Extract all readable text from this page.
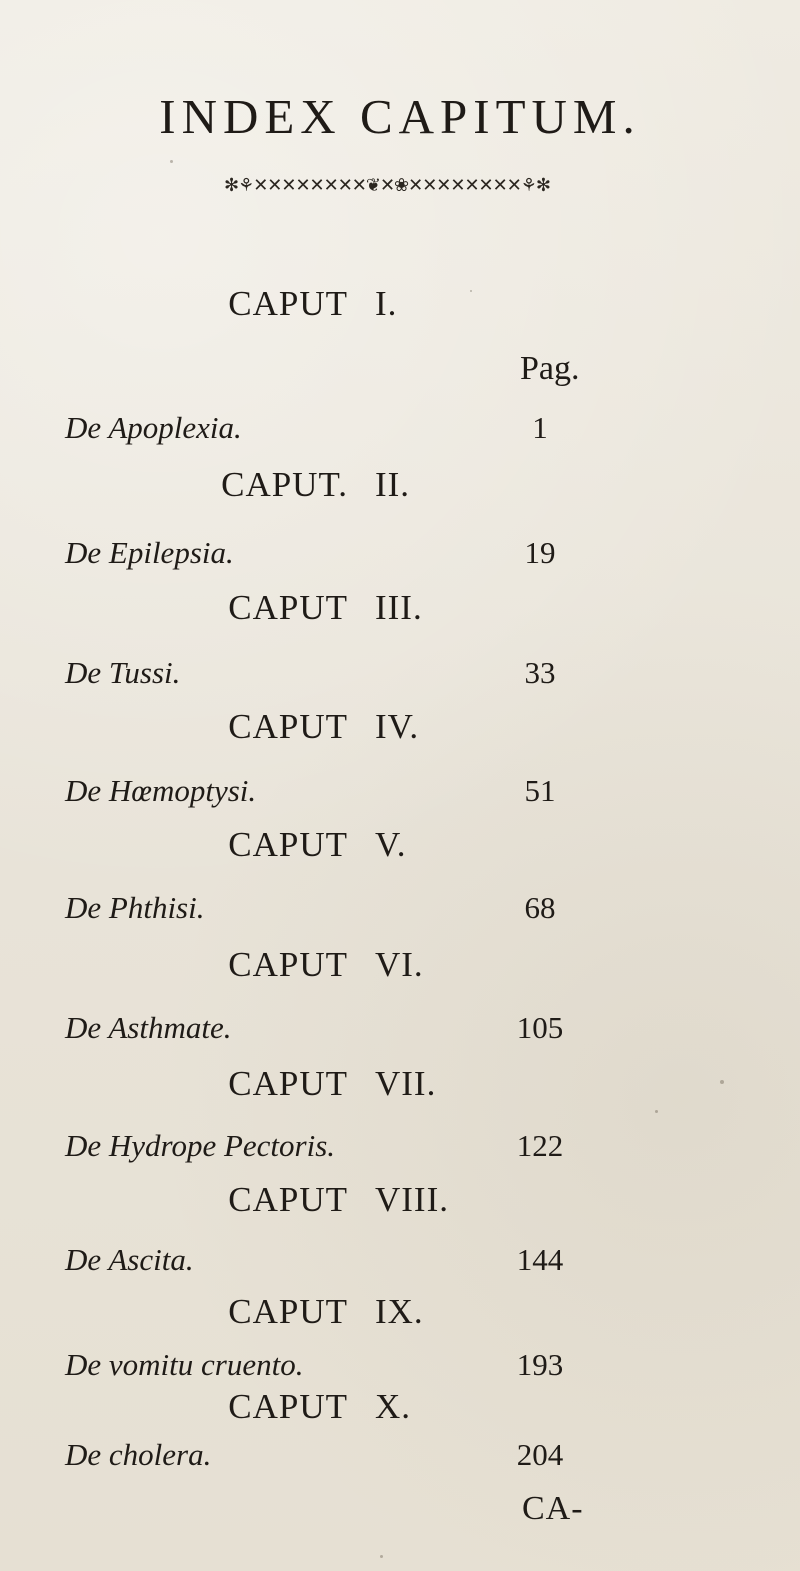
INDEX CAPITUM.
✻⚘✕✕✕✕✕✕✕✕❦✕❀✕✕✕✕✕✕✕✕⚘✻
Pag.
CAPUT I.
De Apoplexia.	1
CAPUT. II.
De Epilepsia.	19
CAPUT III.
De Tussi.	33
CAPUT IV.
De Hœmoptysi.	51
CAPUT V.
De Phthisi.	68
CAPUT VI.
De Asthmate.	105
CAPUT VII.
De Hydrope Pectoris.	122
CAPUT VIII.
De Ascita.	144
CAPUT IX.
De vomitu cruento.	193
CAPUT X.
De cholera.	204
CA-
